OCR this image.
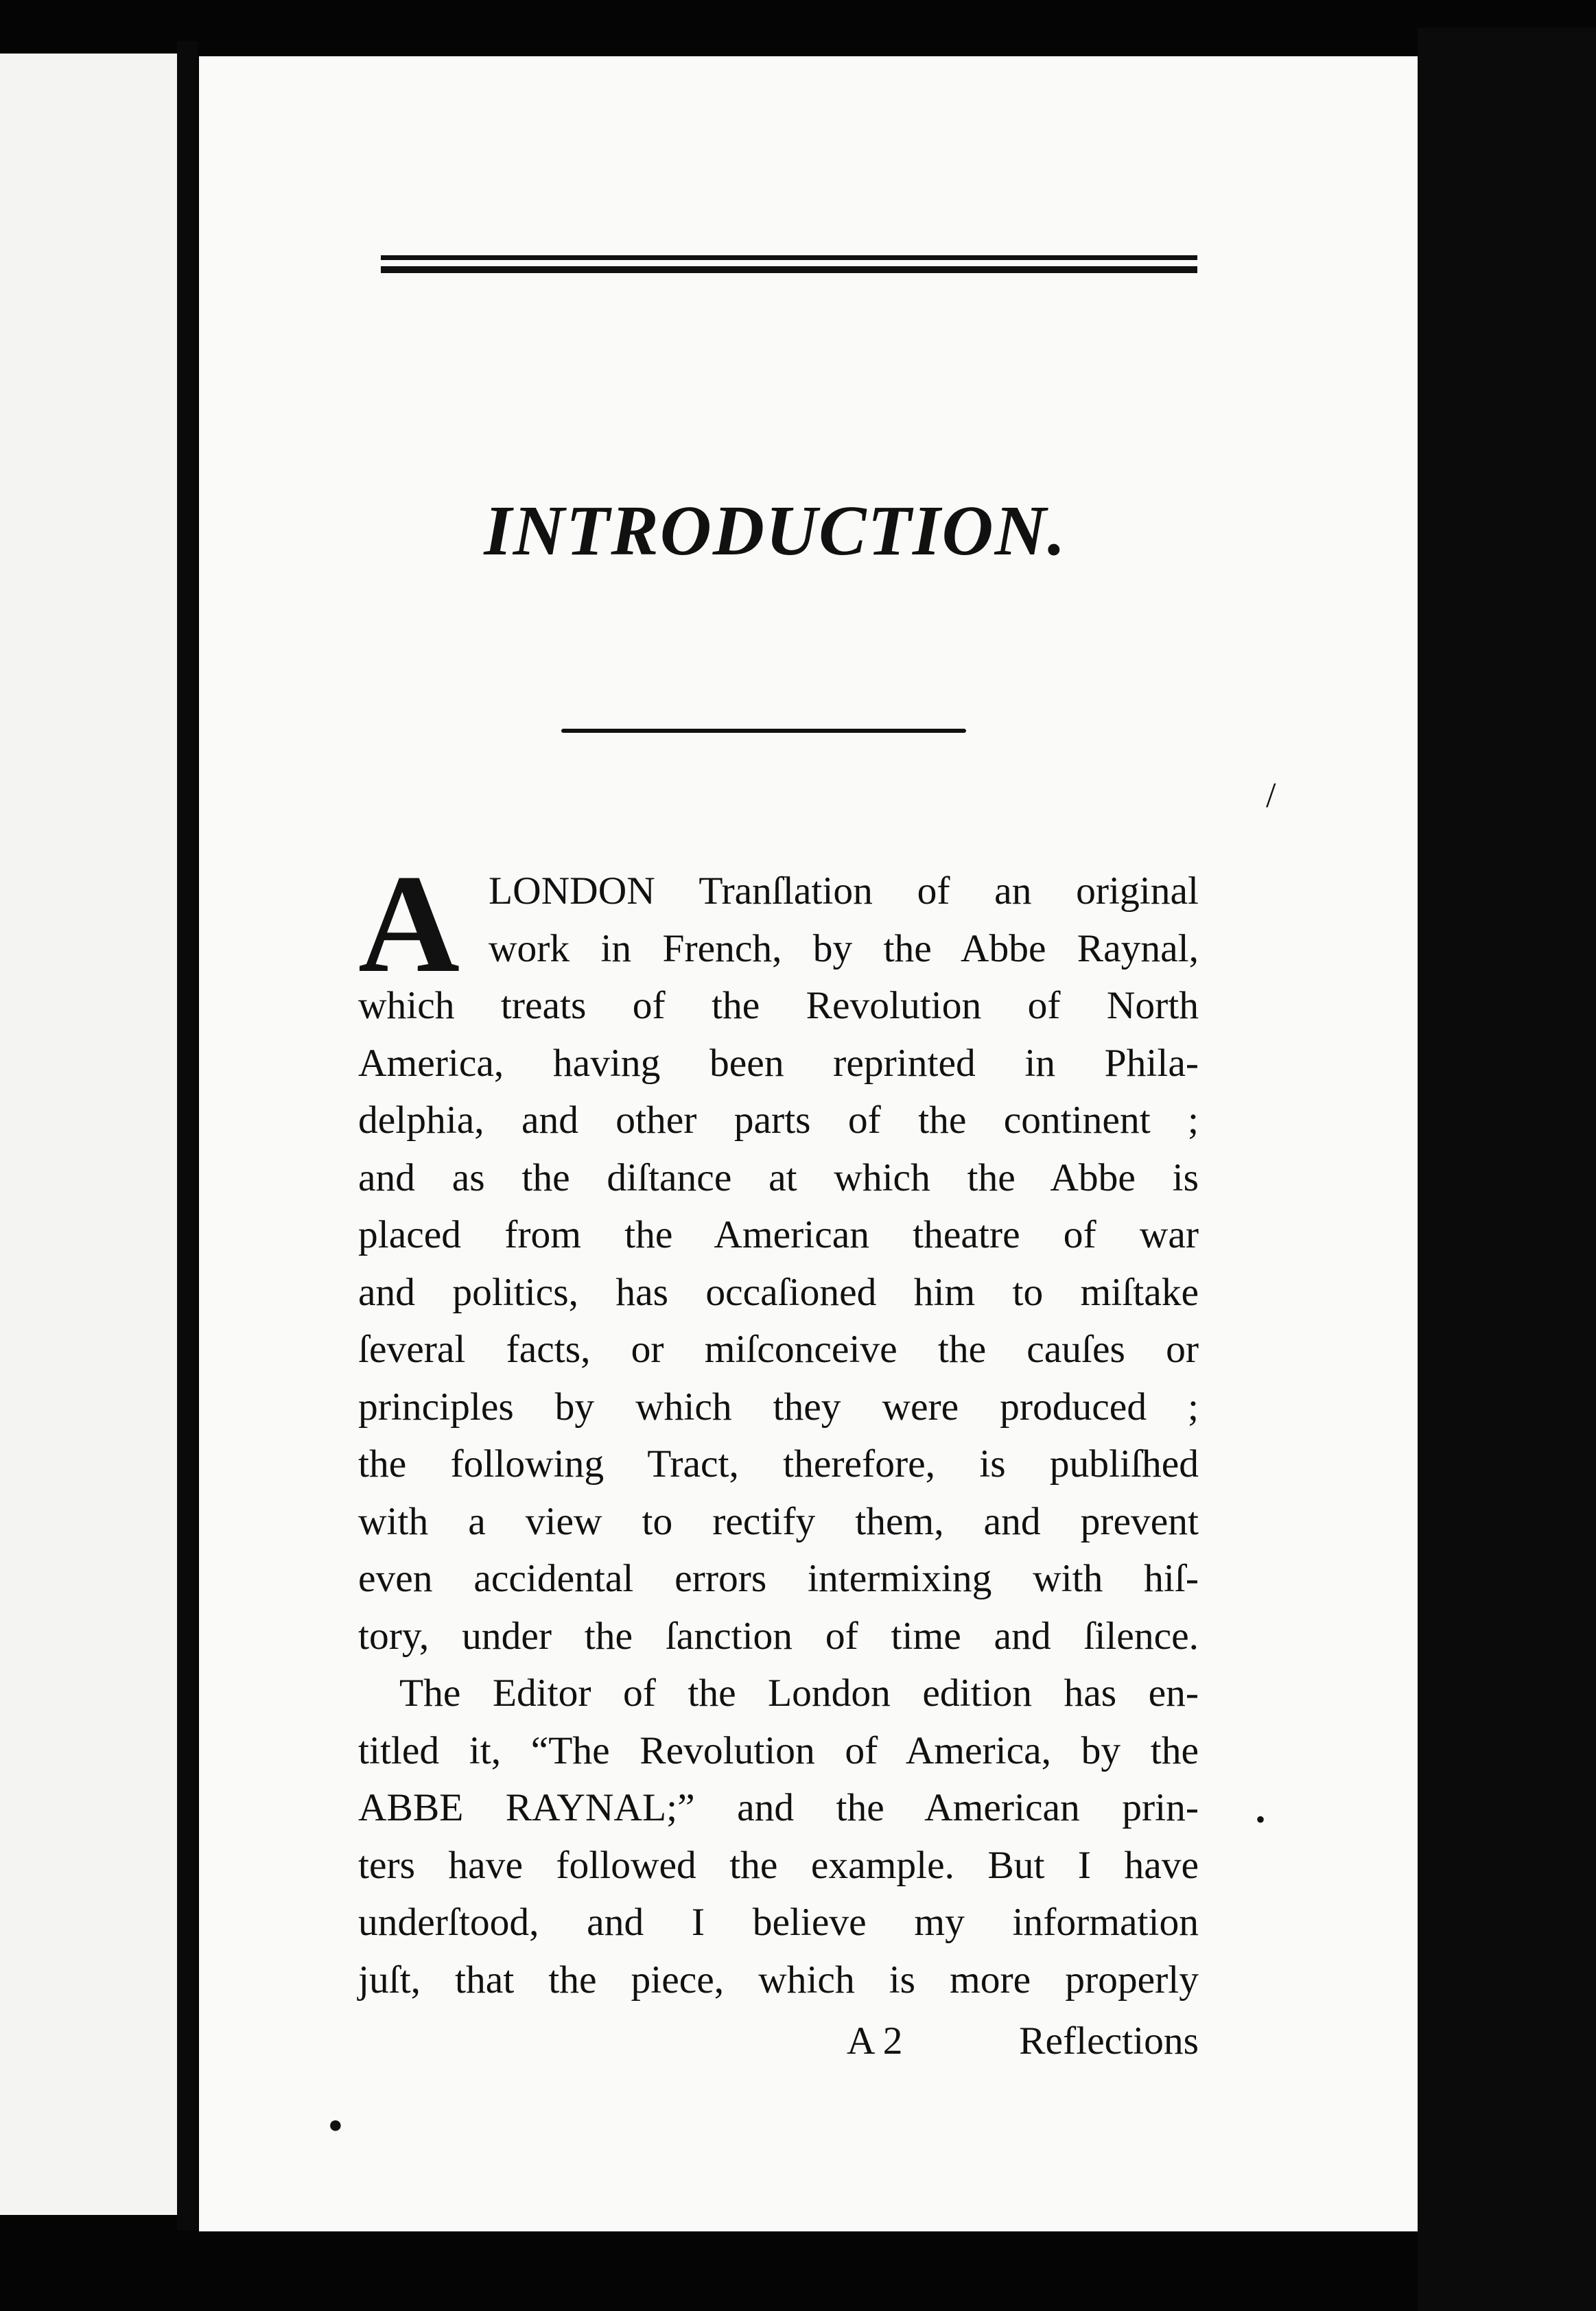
INTRODUCTION.
A LONDON Tranſlation of an original
work in French, by the Abbe Raynal,
which treats of the Revolution of North
America, having been reprinted in Phila-
delphia, and other parts of the continent ;
and as the diſtance at which the Abbe is
placed from the American theatre of war
and politics, has occaſioned him to miſtake
ſeveral facts, or miſconceive the cauſes or
principles by which they were produced ;
the following Tract, therefore, is publiſhed
with a view to rectify them, and prevent
even accidental errors intermixing with hiſ-
tory, under the ſanction of time and ſilence.
The Editor of the London edition has en-
titled it, “The Revolution of America, by the
ABBE RAYNAL;” and the American prin-
ters have followed the example. But I have
underſtood, and I believe my information
juſt, that the piece, which is more properly
A 2	Reflections
/
•
●
